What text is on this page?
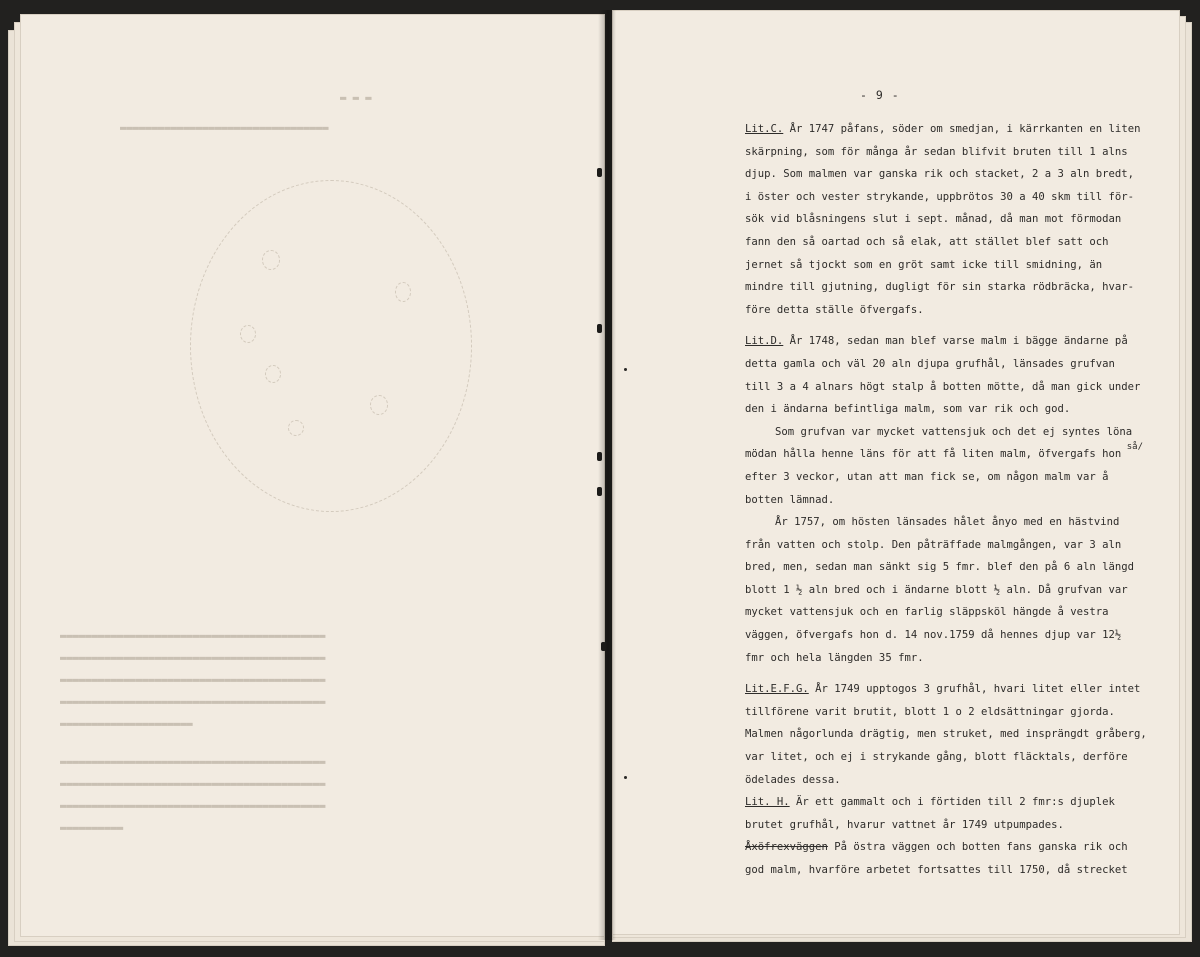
▬▬▬▬▬▬▬▬▬▬▬▬▬▬▬▬▬▬▬▬▬▬▬▬▬▬▬▬▬▬▬▬▬
▬ ▬ ▬
▬▬▬▬▬▬▬▬▬▬▬▬▬▬▬▬▬▬▬▬▬▬▬▬▬▬▬▬▬▬▬▬▬▬▬▬▬▬▬▬▬▬
▬▬▬▬▬▬▬▬▬▬▬▬▬▬▬▬▬▬▬▬▬▬▬▬▬▬▬▬▬▬▬▬▬▬▬▬▬▬▬▬▬▬
▬▬▬▬▬▬▬▬▬▬▬▬▬▬▬▬▬▬▬▬▬▬▬▬▬▬▬▬▬▬▬▬▬▬▬▬▬▬▬▬▬▬
▬▬▬▬▬▬▬▬▬▬▬▬▬▬▬▬▬▬▬▬▬▬▬▬▬▬▬▬▬▬▬▬▬▬▬▬▬▬▬▬▬▬
▬▬▬▬▬▬▬▬▬▬▬▬▬▬▬▬▬▬▬▬▬
▬▬▬▬▬▬▬▬▬▬▬▬▬▬▬▬▬▬▬▬▬▬▬▬▬▬▬▬▬▬▬▬▬▬▬▬▬▬▬▬▬▬
▬▬▬▬▬▬▬▬▬▬▬▬▬▬▬▬▬▬▬▬▬▬▬▬▬▬▬▬▬▬▬▬▬▬▬▬▬▬▬▬▬▬
▬▬▬▬▬▬▬▬▬▬▬▬▬▬▬▬▬▬▬▬▬▬▬▬▬▬▬▬▬▬▬▬▬▬▬▬▬▬▬▬▬▬
▬▬▬▬▬▬▬▬▬▬
- 9 -
Lit.C. År 1747 påfans, söder om smedjan, i kärrkanten en liten
skärpning, som för många år sedan blifvit bruten till 1 alns
djup. Som malmen var ganska rik och stacket, 2 a 3 aln bredt,
i öster och vester strykande, uppbrötos 30 a 40 skm till för-
sök vid blåsningens slut i sept. månad, då man mot förmodan
fann den så oartad och så elak, att stället blef satt och
jernet så tjockt som en gröt samt icke till smidning, än
mindre till gjutning, dugligt för sin starka rödbräcka, hvar-
före detta ställe öfvergafs.
Lit.D. År 1748, sedan man blef varse malm i bägge ändarne på
detta gamla och väl 20 aln djupa grufhål, länsades grufvan
till 3 a 4 alnars högt stalp å botten mötte, då man gick under
den i ändarna befintliga malm, som var rik och god.
Som grufvan var mycket vattensjuk och det ej syntes löna
mödan hålla henne läns för att få liten malm, öfvergafs hon $^{så/}$
efter 3 veckor, utan att man fick se, om någon malm var å
botten lämnad.
År 1757, om hösten länsades hålet ånyo med en hästvind
från vatten och stolp. Den påträffade malmgången, var 3 aln
bred, men, sedan man sänkt sig 5 fmr. blef den på 6 aln längd
blott 1 ½ aln bred och i ändarne blott ½ aln. Då grufvan var
mycket vattensjuk och en farlig släppsköl hängde å vestra
väggen, öfvergafs hon d. 14 nov.1759 då hennes djup var 12½
fmr och hela längden 35 fmr.
Lit.E.F.G. År 1749 upptogos 3 grufhål, hvari litet eller intet
tillförene varit brutit, blott 1 o 2 eldsättningar gjorda.
Malmen någorlunda drägtig, men struket, med insprängdt gråberg,
var litet, och ej i strykande gång, blott fläcktals, derföre
ödelades dessa.
Lit. H. Är ett gammalt och i förtiden till 2 fmr:s djuplek
brutet grufhål, hvarur vattnet år 1749 utpumpades.
Åxöfrexväggen På östra väggen och botten fans ganska rik och
god malm, hvarföre arbetet fortsattes till 1750, då strecket
